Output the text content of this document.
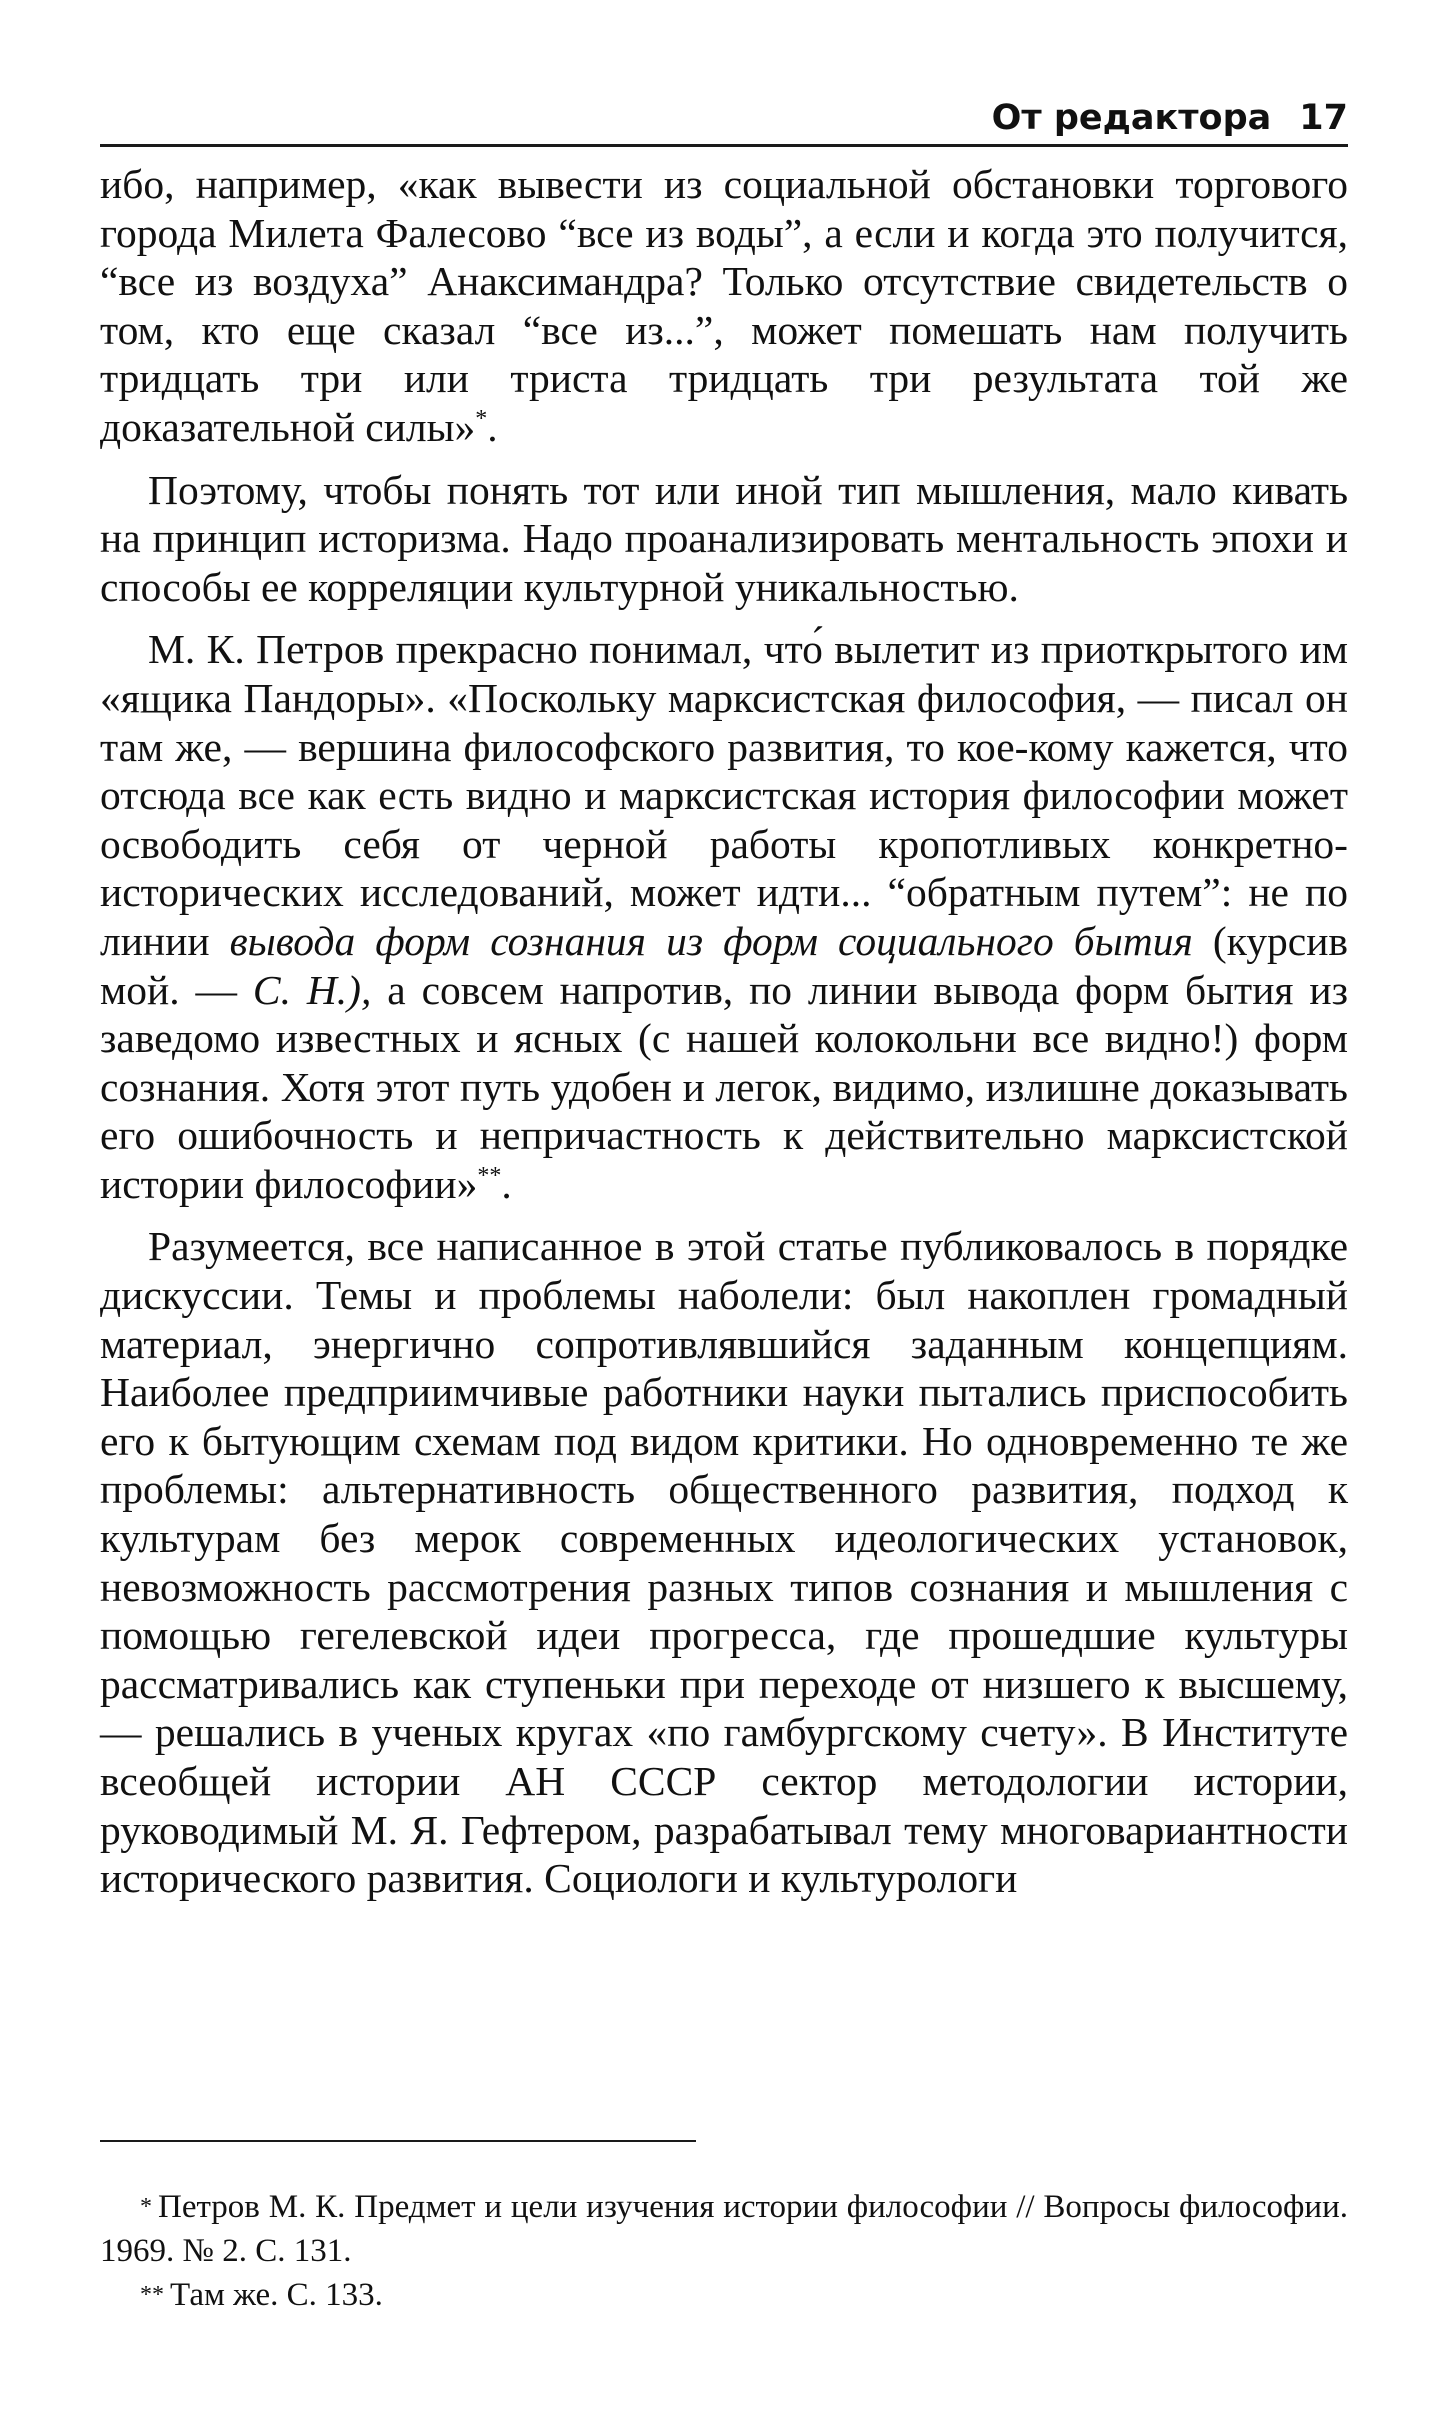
От редактора 17

ибо, например, «как вывести из социальной обстановки торгового города Милета Фалесово “все из воды”, а если и когда это получится, “все из воздуха” Анаксимандра? Только отсутствие свидетельств о том, кто еще сказал “все из...”, может помешать нам получить тридцать три или триста тридцать три результата той же доказательной силы»*.

Поэтому, чтобы понять тот или иной тип мышления, мало кивать на принцип историзма. Надо проанализировать ментальность эпохи и способы ее корреляции культурной уникальностью.

М. К. Петров прекрасно понимал, что́ вылетит из приоткрытого им «ящика Пандоры». «Поскольку марксистская философия, — писал он там же, — вершина философского развития, то кое-кому кажется, что отсюда все как есть видно и марксистская история философии может освободить себя от черной работы кропотливых конкретно-исторических исследований, может идти... “обратным путем”: не по линии вывода форм сознания из форм социального бытия (курсив мой. — С. Н.), а совсем напротив, по линии вывода форм бытия из заведомо известных и ясных (с нашей колокольни все видно!) форм сознания. Хотя этот путь удобен и легок, видимо, излишне доказывать его ошибочность и непричастность к действительно марксистской истории философии»**.

Разумеется, все написанное в этой статье публиковалось в порядке дискуссии. Темы и проблемы наболели: был накоплен громадный материал, энергично сопротивлявшийся заданным концепциям. Наиболее предприимчивые работники науки пытались приспособить его к бытующим схемам под видом критики. Но одновременно те же проблемы: альтернативность общественного развития, подход к культурам без мерок современных идеологических установок, невозможность рассмотрения разных типов сознания и мышления с помощью гегелевской идеи прогресса, где прошедшие культуры рассматривались как ступеньки при переходе от низшего к высшему, — решались в ученых кругах «по гамбургскому счету». В Институте всеобщей истории АН СССР сектор методологии истории, руководимый М. Я. Гефтером, разрабатывал тему многовариантности исторического развития. Социологи и культурологи

* Петров М. К. Предмет и цели изучения истории философии // Вопросы философии. 1969. № 2. С. 131.

** Там же. С. 133.
